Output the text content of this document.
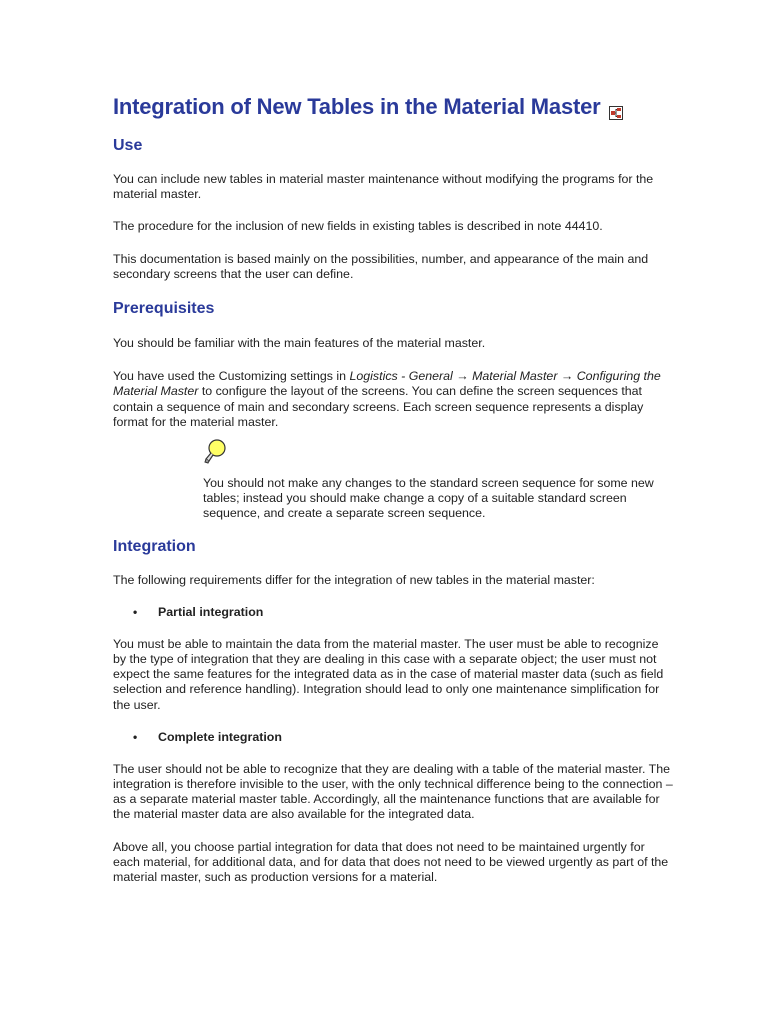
Integration of New Tables in the Material Master
Use

You can include new tables in material master maintenance without modifying the programs for the material master.

The procedure for the inclusion of new fields in existing tables is described in note 44410.

This documentation is based mainly on the possibilities, number, and appearance of the main and secondary screens that the user can define.

Prerequisites

You should be familiar with the main features of the material master.

You have used the Customizing settings in Logistics - General → Material Master → Configuring the Material Master to configure the layout of the screens. You can define the screen sequences that contain a sequence of main and secondary screens. Each screen sequence represents a display format for the material master.

You should not make any changes to the standard screen sequence for some new tables; instead you should make change a copy of a suitable standard screen sequence, and create a separate screen sequence.

Integration

The following requirements differ for the integration of new tables in the material master:

•	Partial integration

You must be able to maintain the data from the material master. The user must be able to recognize by the type of integration that they are dealing in this case with a separate object; the user must not expect the same features for the integrated data as in the case of material master data (such as field selection and reference handling). Integration should lead to only one maintenance simplification for the user.

•	Complete integration

The user should not be able to recognize that they are dealing with a table of the material master. The integration is therefore invisible to the user, with the only technical difference being to the connection – as a separate material master table. Accordingly, all the maintenance functions that are available for the material master data are also available for the integrated data.

Above all, you choose partial integration for data that does not need to be maintained urgently for each material, for additional data, and for data that does not need to be viewed urgently as part of the material master, such as production versions for a material.
